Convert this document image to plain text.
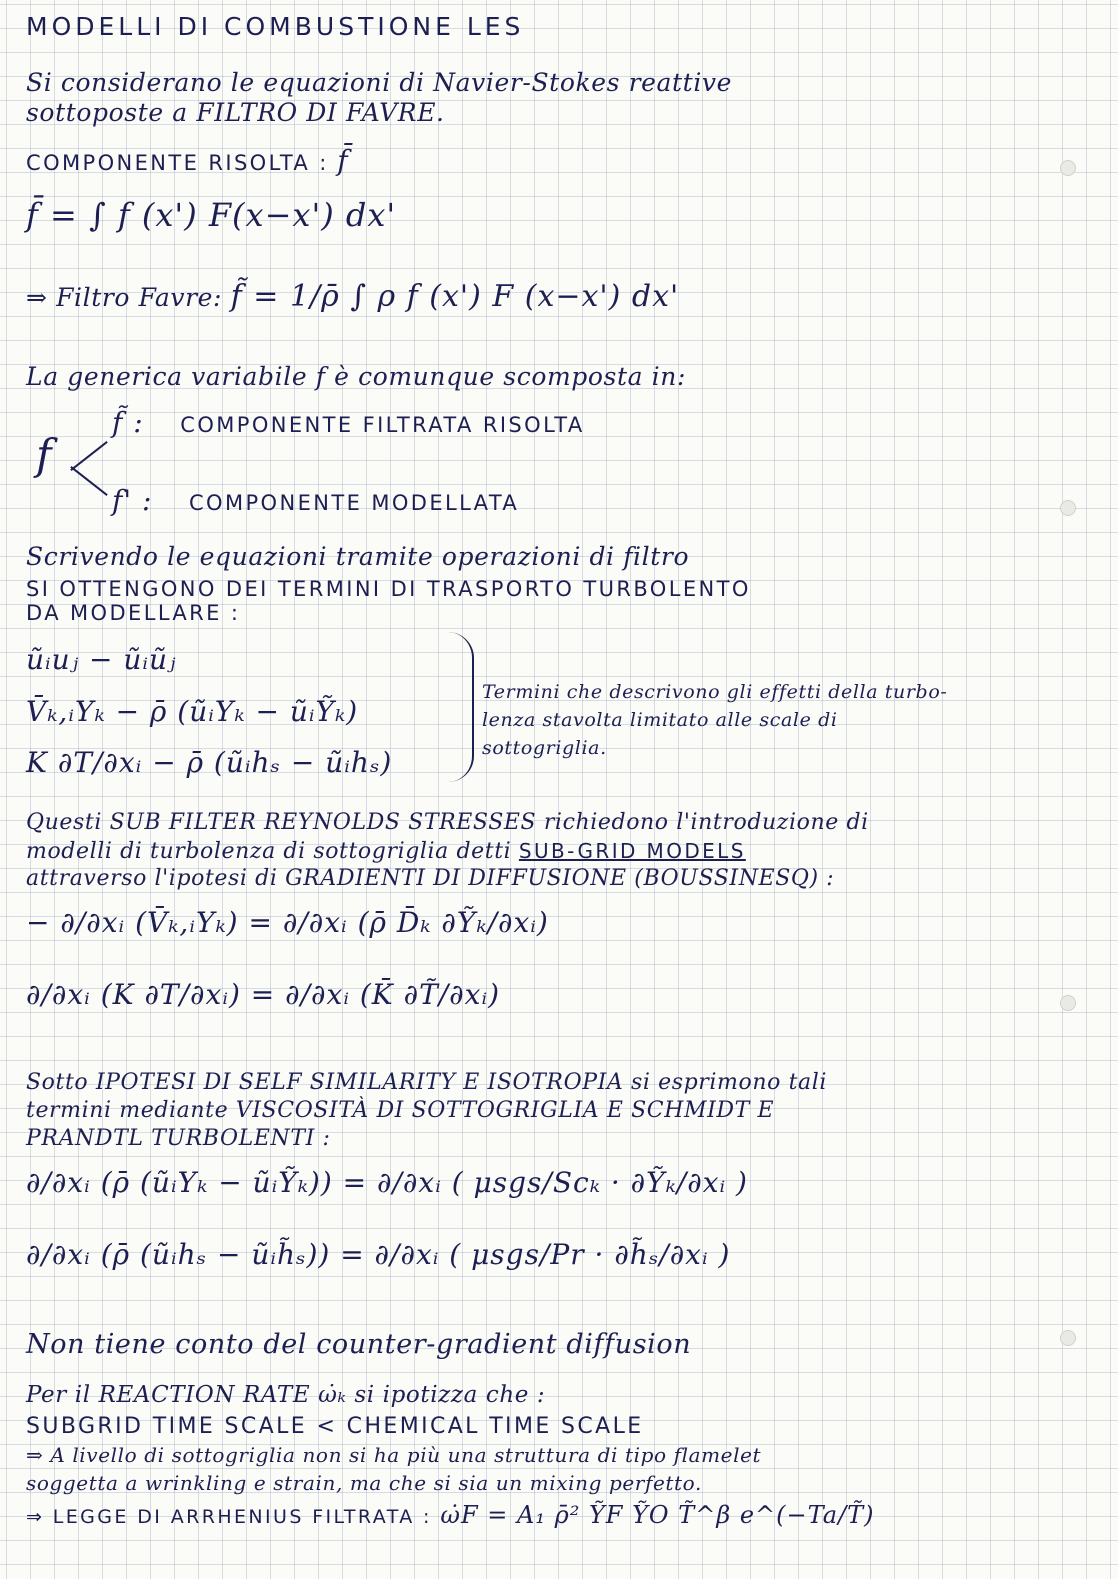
MODELLI DI COMBUSTIONE LES
Si considerano le equazioni di Navier-Stokes reattive
sottoposte a FILTRO DI FAVRE.
COMPONENTE RISOLTA : f̄
f̄ = ∫ f (x') F(x−x') dx'
⇒ Filtro Favre: f̃ = 1/ρ̄ ∫ ρ f (x') F (x−x') dx'
La generica variabile f è comunque scomposta in:
f
f̃ : COMPONENTE FILTRATA RISOLTA
f' : COMPONENTE MODELLATA
Scrivendo le equazioni tramite operazioni di filtro
SI OTTENGONO DEI TERMINI DI TRASPORTO TURBOLENTO
DA MODELLARE :
ũᵢuⱼ − ũᵢũⱼ
V̄ₖ,ᵢYₖ − ρ̄ (ũᵢYₖ − ũᵢỸₖ)
K ∂T/∂xᵢ − ρ̄ (ũᵢhₛ − ũᵢhₛ)
Termini che descrivono gli effetti della turbo-
lenza stavolta limitato alle scale di
sottogriglia.
Questi SUB FILTER REYNOLDS STRESSES richiedono l'introduzione di
modelli di turbolenza di sottogriglia detti SUB-GRID MODELS
attraverso l'ipotesi di GRADIENTI DI DIFFUSIONE (BOUSSINESQ) :
− ∂/∂xᵢ (V̄ₖ,ᵢYₖ) = ∂/∂xᵢ (ρ̄ D̄ₖ ∂Ỹₖ/∂xᵢ)
∂/∂xᵢ (K ∂T/∂xᵢ) = ∂/∂xᵢ (K̄ ∂T̃/∂xᵢ)
Sotto IPOTESI DI SELF SIMILARITY E ISOTROPIA si esprimono tali
termini mediante VISCOSITÀ DI SOTTOGRIGLIA E SCHMIDT E
PRANDTL TURBOLENTI :
∂/∂xᵢ (ρ̄ (ũᵢYₖ − ũᵢỸₖ)) = ∂/∂xᵢ ( μsgs/Scₖ · ∂Ỹₖ/∂xᵢ )
∂/∂xᵢ (ρ̄ (ũᵢhₛ − ũᵢh̃ₛ)) = ∂/∂xᵢ ( μsgs/Pr · ∂h̃ₛ/∂xᵢ )
Non tiene conto del counter-gradient diffusion
Per il REACTION RATE ω̇ₖ si ipotizza che :
SUBGRID TIME SCALE < CHEMICAL TIME SCALE
⇒ A livello di sottogriglia non si ha più una struttura di tipo flamelet
soggetta a wrinkling e strain, ma che si sia un mixing perfetto.
⇒ LEGGE DI ARRHENIUS FILTRATA : ω̇F = A₁ ρ̄² ỸF ỸO T̃^β e^(−Ta/T̃)
